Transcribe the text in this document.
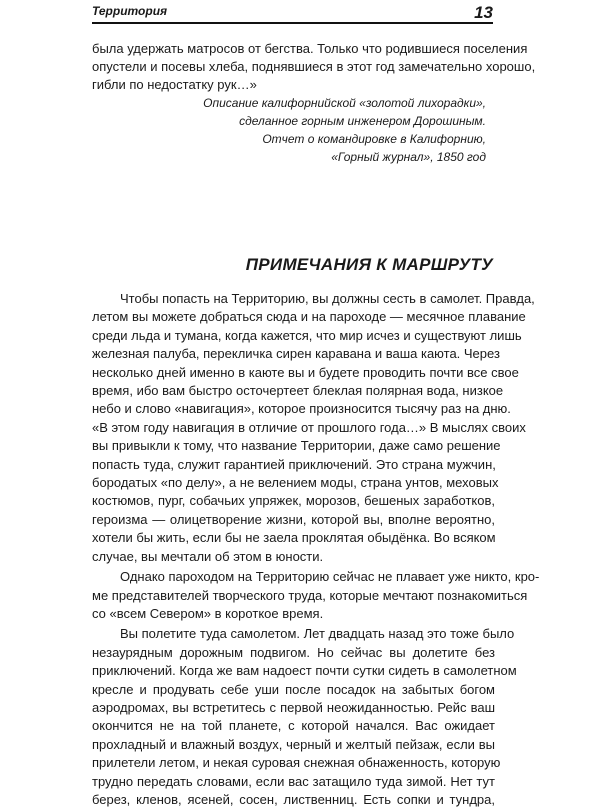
Территория	13
была удержать матросов от бегства. Только что родившиеся поселения
опустели и посевы хлеба, поднявшиеся в этот год замечательно хорошо,
гибли по недостатку рук…»
Описание калифорнийской «золотой лихорадки»,
сделанное горным инженером Дорошиным.
Отчет о командировке в Калифорнию,
«Горный журнал», 1850 год
ПРИМЕЧАНИЯ К МАРШРУТУ
Чтобы попасть на Территорию, вы должны сесть в самолет. Правда,
летом вы можете добраться сюда и на пароходе — месячное плавание
среди льда и тумана, когда кажется, что мир исчез и существуют лишь
железная палуба, перекличка сирен каравана и ваша каюта. Через
несколько дней именно в каюте вы и будете проводить почти все свое
время, ибо вам быстро осточертеет блеклая полярная вода, низкое
небо и слово «навигация», которое произносится тысячу раз на дню.
«В этом году навигация в отличие от прошлого года…» В мыслях своих
вы привыкли к тому, что название Территории, даже само решение
попасть туда, служит гарантией приключений. Это страна мужчин,
бородатых «по делу», а не велением моды, страна унтов, меховых
костюмов, пург, собачьих упряжек, морозов, бешеных заработков,
героизма — олицетворение жизни, которой вы, вполне вероятно,
хотели бы жить, если бы не заела проклятая обыдёнка. Во всяком
случае, вы мечтали об этом в юности.
Однако пароходом на Территорию сейчас не плавает уже никто, кро-
ме представителей творческого труда, которые мечтают познакомиться
со «всем Севером» в короткое время.
Вы полетите туда самолетом. Лет двадцать назад это тоже было
незаурядным дорожным подвигом. Но сейчас вы долетите без
приключений. Когда же вам надоест почти сутки сидеть в самолетном
кресле и продувать себе уши после посадок на забытых богом
аэродромах, вы встретитесь с первой неожиданностью. Рейс ваш
окончится не на той планете, с которой начался. Вас ожидает
прохладный и влажный воздух, черный и желтый пейзаж, если вы
прилетели летом, и некая суровая снежная обнаженность, которую
трудно передать словами, если вас затащило туда зимой. Нет тут
берез, кленов, ясеней, сосен, лиственниц. Есть сопки и тундра,
